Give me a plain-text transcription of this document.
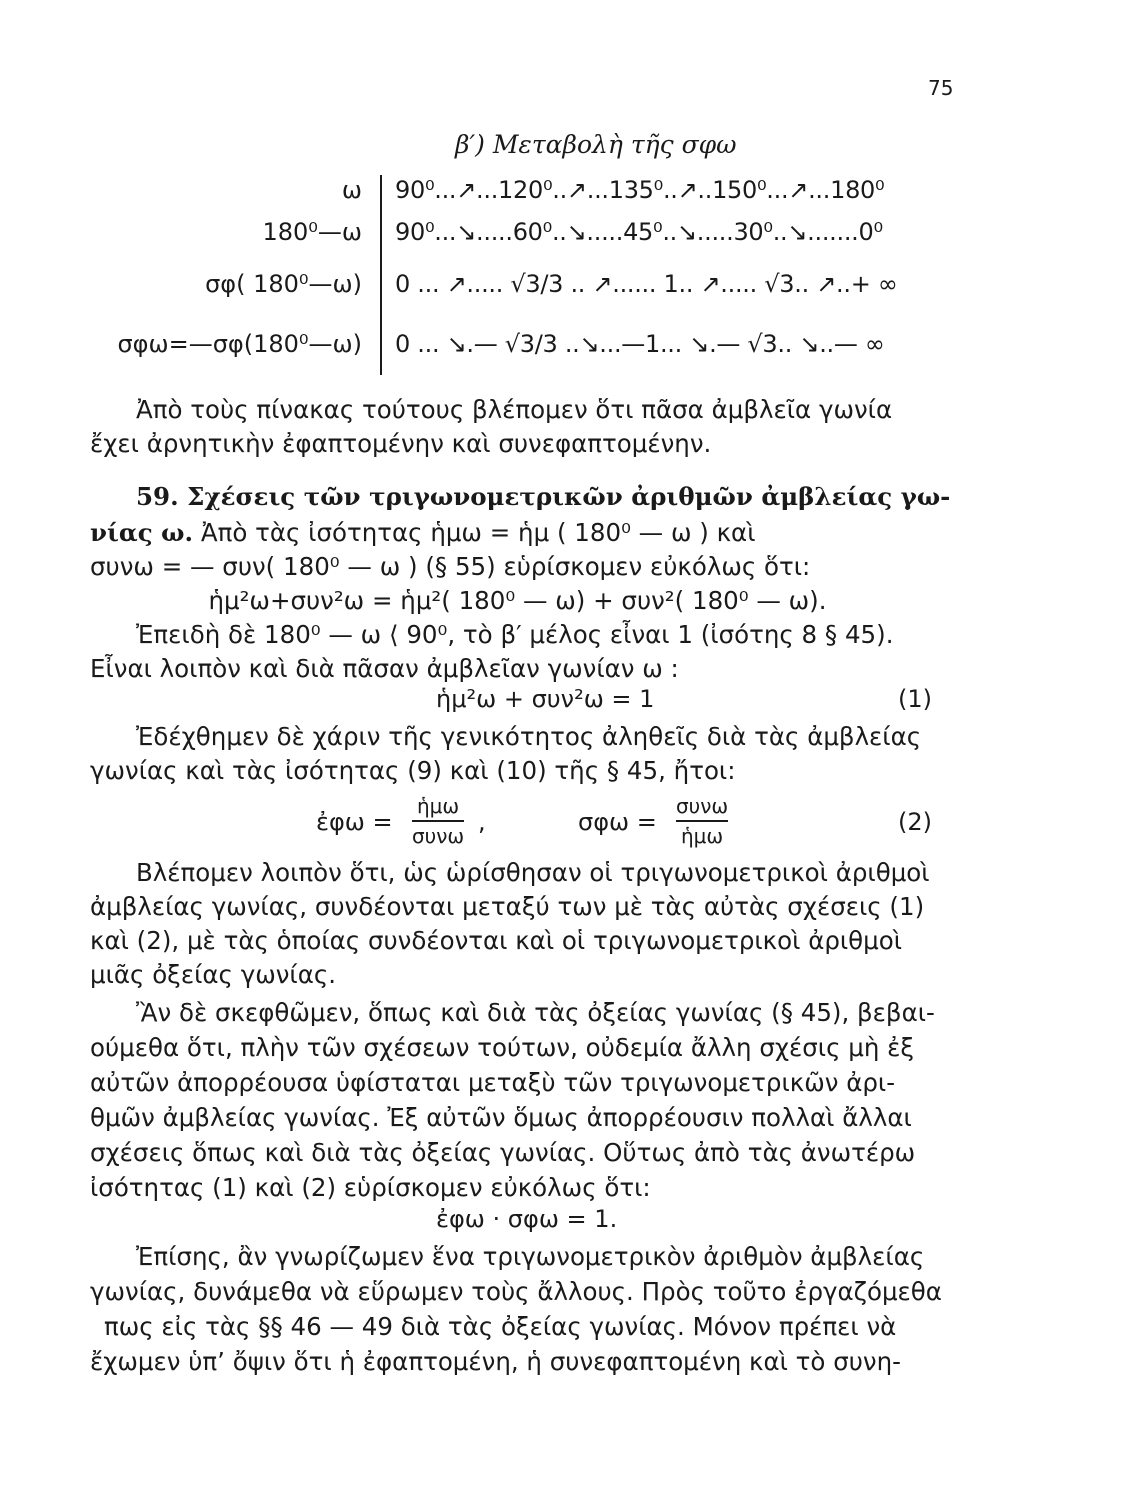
75
β′) Μεταβολὴ τῆς σφω
ω 90⁰...↗...120⁰..↗...135⁰..↗..150⁰...↗...180⁰
180⁰—ω 90⁰...↘.....60⁰..↘.....45⁰..↘.....30⁰..↘.......0⁰
σφ( 180⁰—ω) 0 ... ↗..... √3/3 .. ↗...... 1.. ↗..... √3.. ↗..+ ∞
σφω=—σφ(180⁰—ω) 0 ... ↘.— √3/3 ..↘...—1... ↘.— √3.. ↘..— ∞
Ἀπὸ τοὺς πίνακας τούτους βλέπομεν ὅτι πᾶσα ἀμβλεῖα γωνία
ἔχει ἀρνητικὴν ἐφαπτομένην καὶ συνεφαπτομένην.
59. Σχέσεις τῶν τριγωνομετρικῶν ἀριθμῶν ἀμβλείας γω-
νίας ω. Ἀπὸ τὰς ἰσότητας ἡμω = ἡμ ( 180⁰ — ω ) καὶ
συνω = — συν( 180⁰ — ω ) (§ 55) εὑρίσκομεν εὐκόλως ὅτι:
ἡμ²ω+συν²ω = ἡμ²( 180⁰ — ω) + συν²( 180⁰ — ω).
Ἐπειδὴ δὲ 180⁰ — ω ⟨ 90⁰, τὸ β′ μέλος εἶναι 1 (ἰσότης 8 § 45).
Εἶναι λοιπὸν καὶ διὰ πᾶσαν ἀμβλεῖαν γωνίαν ω :
ἡμ²ω + συν²ω = 1	(1)
Ἐδέχθημεν δὲ χάριν τῆς γενικότητος ἀληθεῖς διὰ τὰς ἀμβλείας
γωνίας καὶ τὰς ἰσότητας (9) καὶ (10) τῆς § 45, ἤτοι:
ἐφω =
ἡμω
συνω ,	σφω =
συνω
ἡμω	(2)
Βλέπομεν λοιπὸν ὅτι, ὡς ὡρίσθησαν οἱ τριγωνομετρικοὶ ἀριθμοὶ
ἀμβλείας γωνίας, συνδέονται μεταξύ των μὲ τὰς αὐτὰς σχέσεις (1)
καὶ (2), μὲ τὰς ὁποίας συνδέονται καὶ οἱ τριγωνομετρικοὶ ἀριθμοὶ
μιᾶς ὀξείας γωνίας.
Ἂν δὲ σκεφθῶμεν, ὅπως καὶ διὰ τὰς ὀξείας γωνίας (§ 45), βεβαι-
ούμεθα ὅτι, πλὴν τῶν σχέσεων τούτων, οὐδεμία ἄλλη σχέσις μὴ ἐξ
αὐτῶν ἀπορρέουσα ὑφίσταται μεταξὺ τῶν τριγωνομετρικῶν ἀρι-
θμῶν ἀμβλείας γωνίας. Ἐξ αὐτῶν ὅμως ἀπορρέουσιν πολλαὶ ἄλλαι
σχέσεις ὅπως καὶ διὰ τὰς ὀξείας γωνίας. Οὕτως ἀπὸ τὰς ἀνωτέρω
ἰσότητας (1) καὶ (2) εὑρίσκομεν εὐκόλως ὅτι:
ἐφω · σφω = 1.
Ἐπίσης, ἂν γνωρίζωμεν ἕνα τριγωνομετρικὸν ἀριθμὸν ἀμβλείας
γωνίας, δυνάμεθα νὰ εὕρωμεν τοὺς ἄλλους. Πρὸς τοῦτο ἐργαζόμεθα
πως εἰς τὰς §§ 46 — 49 διὰ τὰς ὀξείας γωνίας. Μόνον πρέπει νὰ
ἔχωμεν ὑπ’ ὄψιν ὅτι ἡ ἐφαπτομένη, ἡ συνεφαπτομένη καὶ τὸ συνη-
